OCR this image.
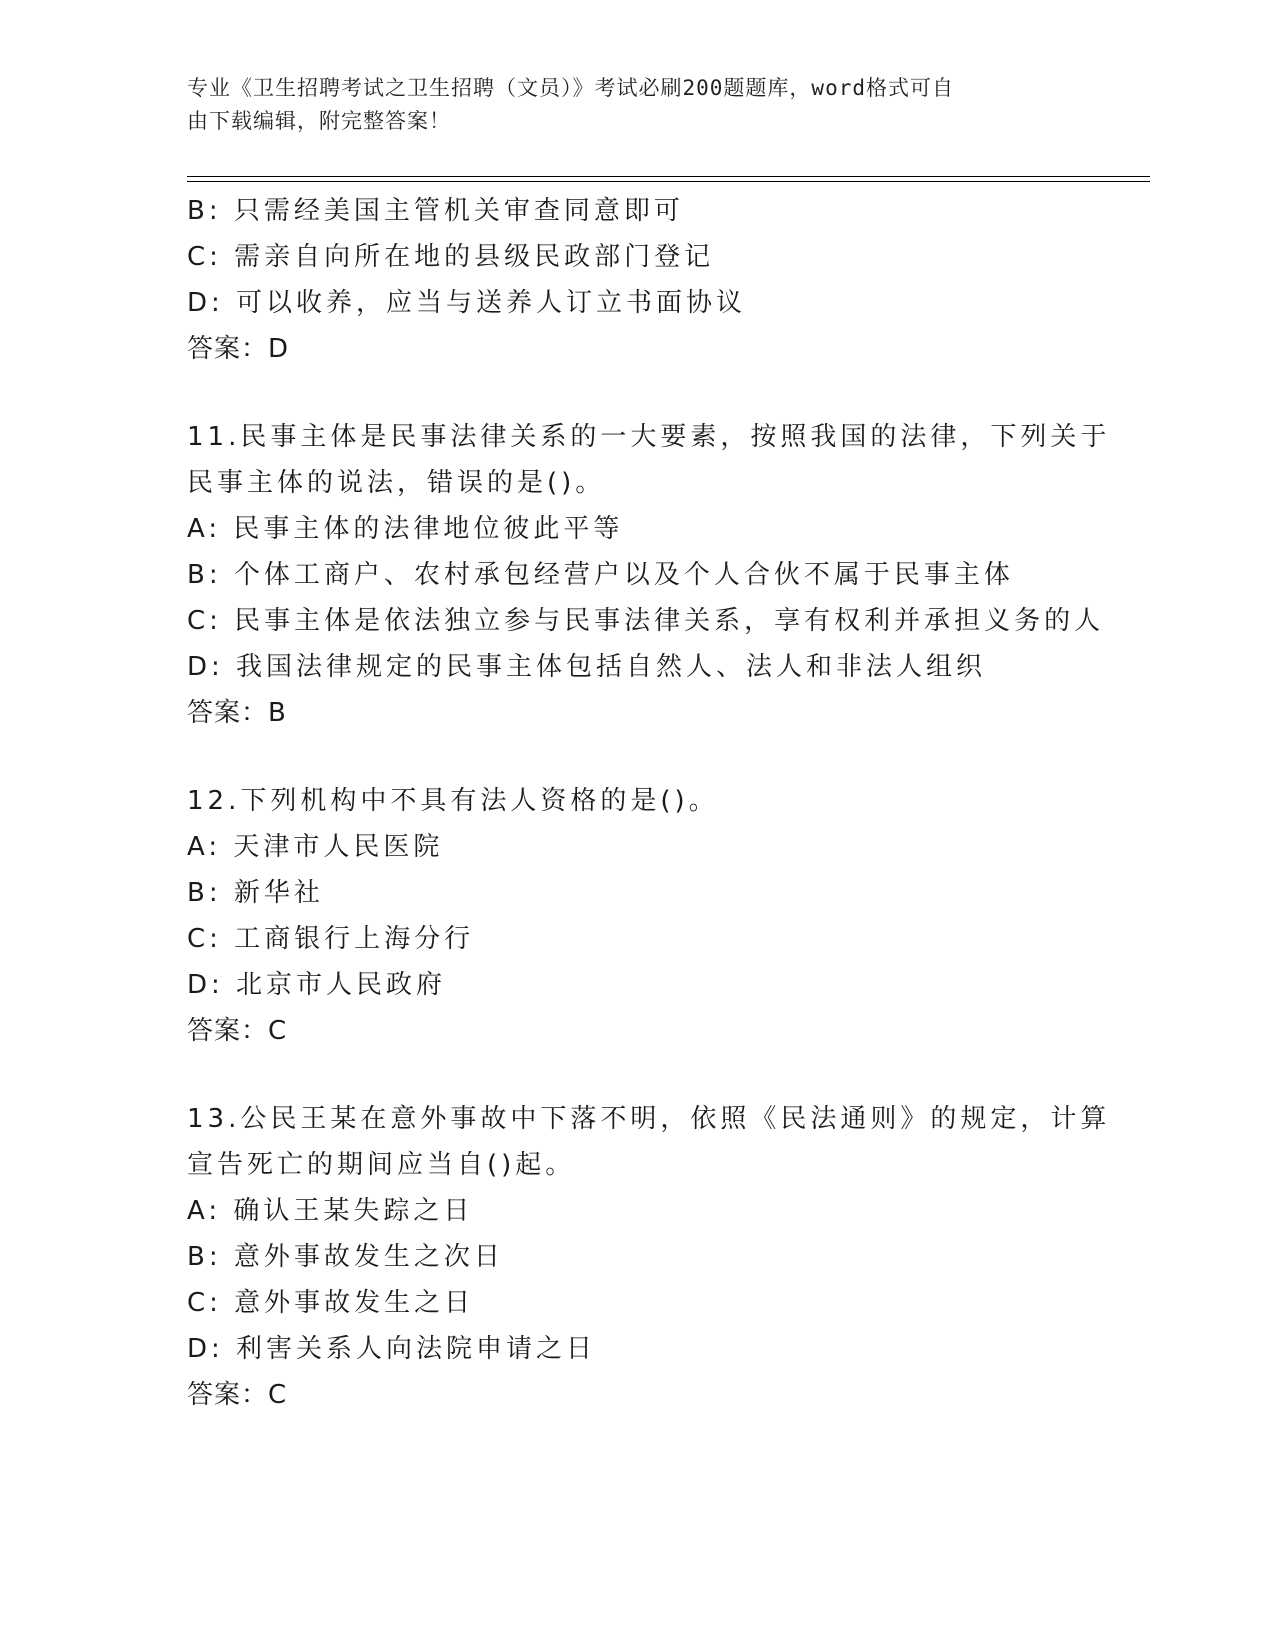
专业《卫生招聘考试之卫生招聘（文员）》考试必刷200题题库，word格式可自
由下载编辑，附完整答案！
B: 只需经美国主管机关审查同意即可
C: 需亲自向所在地的县级民政部门登记
D: 可以收养，应当与送养人订立书面协议
答案：D
11.民事主体是民事法律关系的一大要素，按照我国的法律，下列关于
民事主体的说法，错误的是()。
A: 民事主体的法律地位彼此平等
B: 个体工商户、农村承包经营户以及个人合伙不属于民事主体
C: 民事主体是依法独立参与民事法律关系，享有权利并承担义务的人
D: 我国法律规定的民事主体包括自然人、法人和非法人组织
答案：B
12.下列机构中不具有法人资格的是()。
A: 天津市人民医院
B: 新华社
C: 工商银行上海分行
D: 北京市人民政府
答案：C
13.公民王某在意外事故中下落不明，依照《民法通则》的规定，计算
宣告死亡的期间应当自()起。
A: 确认王某失踪之日
B: 意外事故发生之次日
C: 意外事故发生之日
D: 利害关系人向法院申请之日
答案：C
